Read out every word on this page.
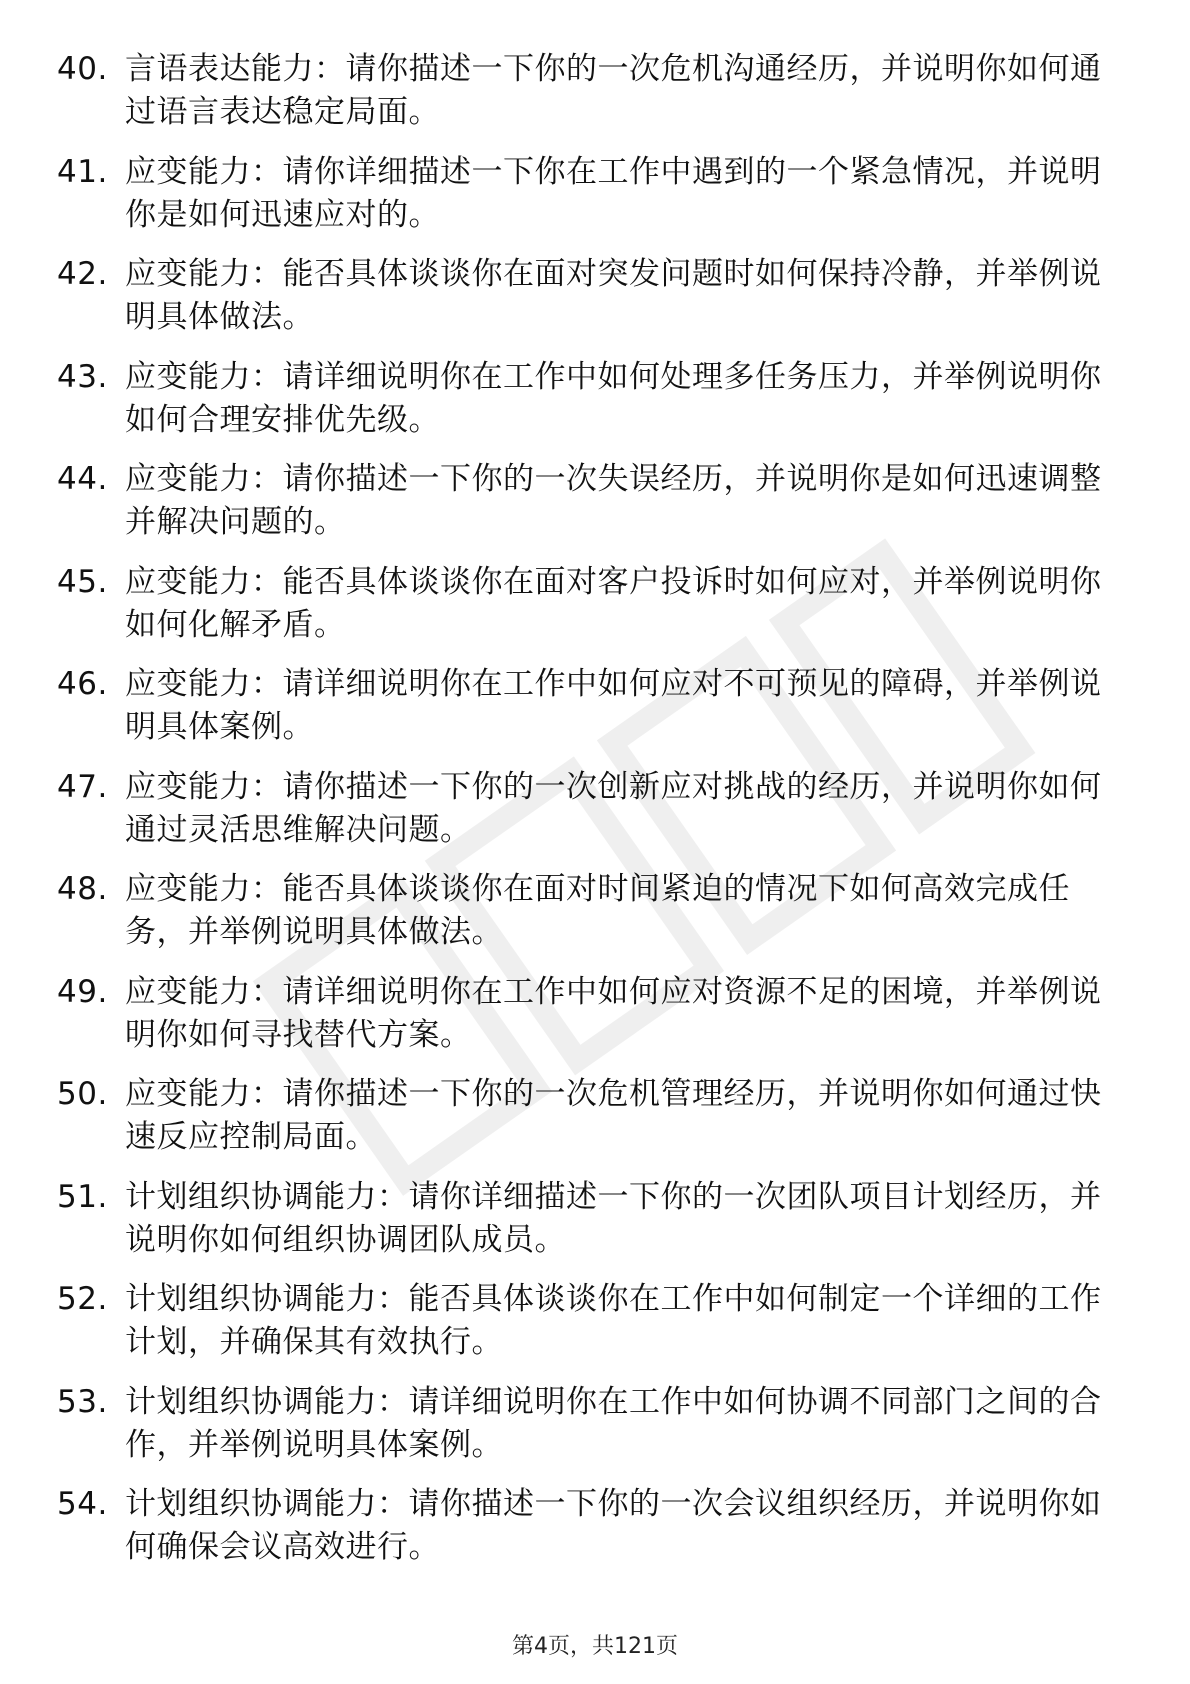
40. 言语表达能力：请你描述一下你的一次危机沟通经历，并说明你如何通过语言表达稳定局面。
41. 应变能力：请你详细描述一下你在工作中遇到的一个紧急情况，并说明你是如何迅速应对的。
42. 应变能力：能否具体谈谈你在面对突发问题时如何保持冷静，并举例说明具体做法。
43. 应变能力：请详细说明你在工作中如何处理多任务压力，并举例说明你如何合理安排优先级。
44. 应变能力：请你描述一下你的一次失误经历，并说明你是如何迅速调整并解决问题的。
45. 应变能力：能否具体谈谈你在面对客户投诉时如何应对，并举例说明你如何化解矛盾。
46. 应变能力：请详细说明你在工作中如何应对不可预见的障碍，并举例说明具体案例。
47. 应变能力：请你描述一下你的一次创新应对挑战的经历，并说明你如何通过灵活思维解决问题。
48. 应变能力：能否具体谈谈你在面对时间紧迫的情况下如何高效完成任务，并举例说明具体做法。
49. 应变能力：请详细说明你在工作中如何应对资源不足的困境，并举例说明你如何寻找替代方案。
50. 应变能力：请你描述一下你的一次危机管理经历，并说明你如何通过快速反应控制局面。
51. 计划组织协调能力：请你详细描述一下你的一次团队项目计划经历，并说明你如何组织协调团队成员。
52. 计划组织协调能力：能否具体谈谈你在工作中如何制定一个详细的工作计划，并确保其有效执行。
53. 计划组织协调能力：请详细说明你在工作中如何协调不同部门之间的合作，并举例说明具体案例。
54. 计划组织协调能力：请你描述一下你的一次会议组织经历，并说明你如何确保会议高效进行。
第4页，共121页
